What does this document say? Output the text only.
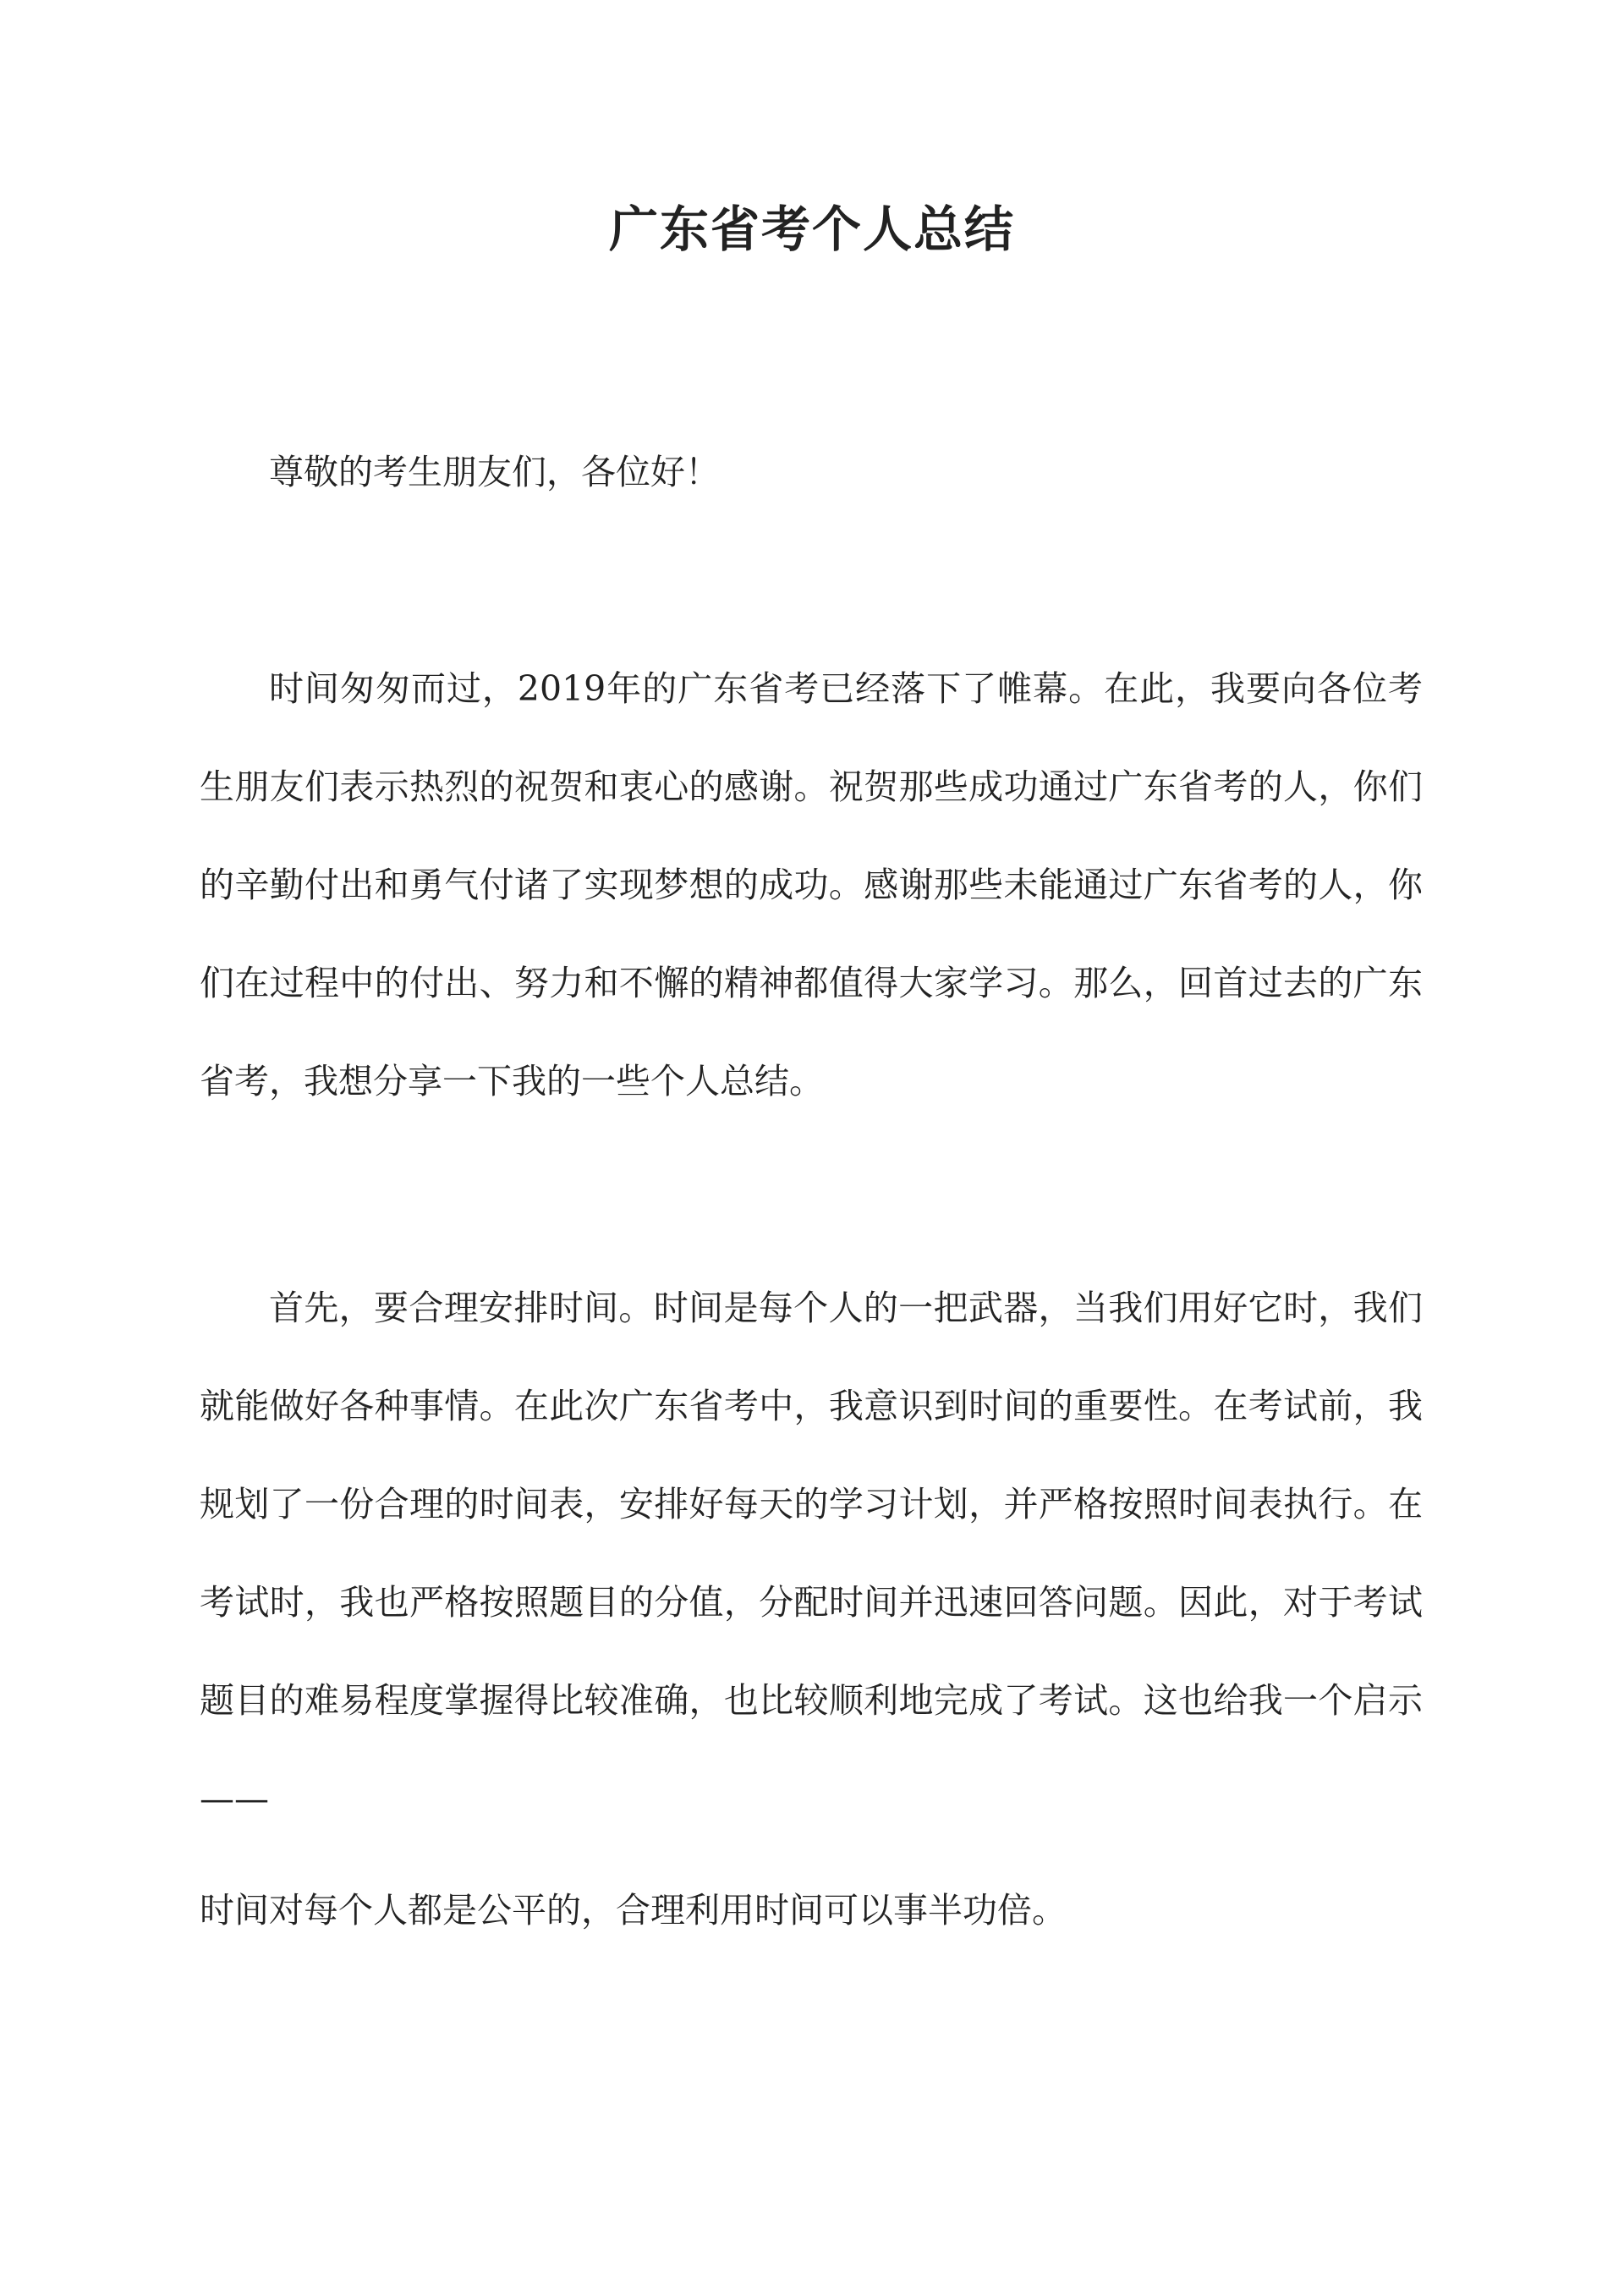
广东省考个人总结
尊敬的考生朋友们，各位好！
时间匆匆而过，2019年的广东省考已经落下了帷幕。在此，我要向各位考生朋友们表示热烈的祝贺和衷心的感谢。祝贺那些成功通过广东省考的人，你们的辛勤付出和勇气付诸了实现梦想的成功。感谢那些未能通过广东省考的人，你们在过程中的付出、努力和不懈的精神都值得大家学习。那么，回首过去的广东省考，我想分享一下我的一些个人总结。
首先，要合理安排时间。时间是每个人的一把武器，当我们用好它时，我们就能做好各种事情。在此次广东省考中，我意识到时间的重要性。在考试前，我规划了一份合理的时间表，安排好每天的学习计划，并严格按照时间表执行。在考试时，我也严格按照题目的分值，分配时间并迅速回答问题。因此，对于考试题目的难易程度掌握得比较准确，也比较顺利地完成了考试。这也给我一个启示——
时间对每个人都是公平的，合理利用时间可以事半功倍。
